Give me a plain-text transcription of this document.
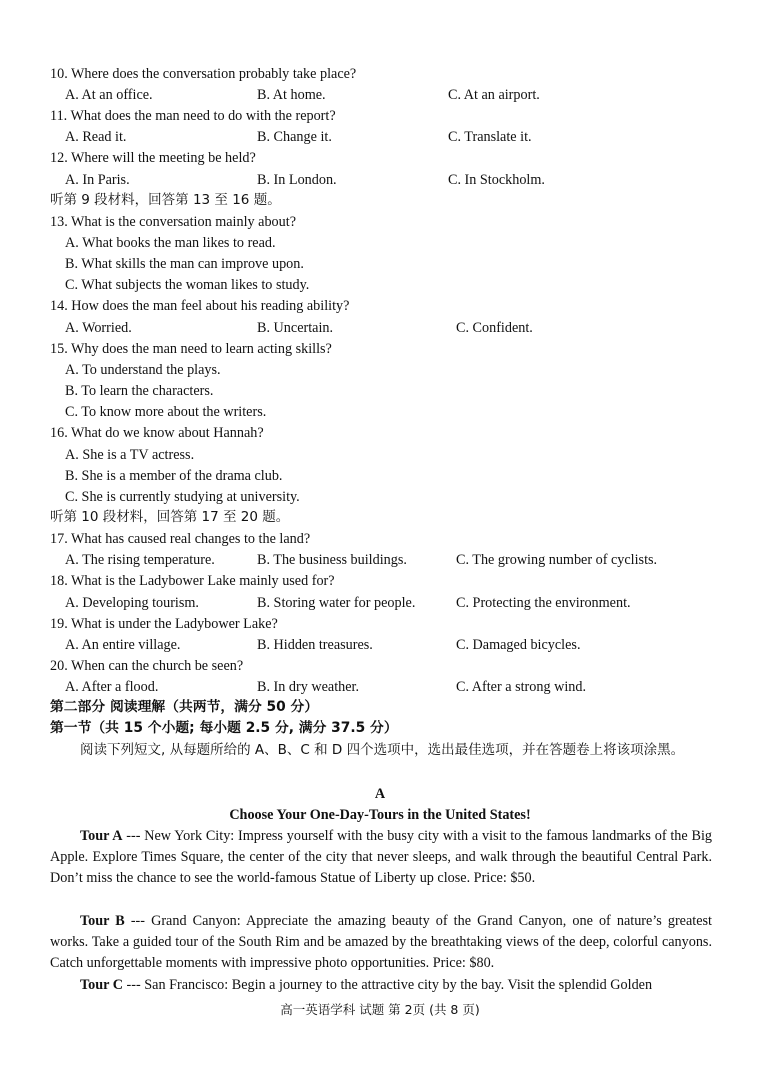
10. Where does the conversation probably take place?
A. At an office.	B. At home.	C. At an airport.
11. What does the man need to do with the report?
A. Read it.	B. Change it.	C. Translate it.
12. Where will the meeting be held?
A. In Paris.	B. In London.	C. In Stockholm.
听第 9 段材料，回答第 13 至 16 题。
13. What is the conversation mainly about?
A. What books the man likes to read.
B. What skills the man can improve upon.
C. What subjects the woman likes to study.
14. How does the man feel about his reading ability?
A. Worried.	B. Uncertain.	C. Confident.
15. Why does the man need to learn acting skills?
A. To understand the plays.
B. To learn the characters.
C. To know more about the writers.
16. What do we know about Hannah?
A. She is a TV actress.
B. She is a member of the drama club.
C. She is currently studying at university.
听第 10 段材料，回答第 17 至 20 题。
17. What has caused real changes to the land?
A. The rising temperature.	B. The business buildings.	C. The growing number of cyclists.
18. What is the Ladybower Lake mainly used for?
A. Developing tourism.	B. Storing water for people.	C. Protecting the environment.
19. What is under the Ladybower Lake?
A. An entire village.	B. Hidden treasures.	C. Damaged bicycles.
20. When can the church be seen?
A. After a flood.	B. In dry weather.	C. After a strong wind.
第二部分 阅读理解（共两节，满分 50 分）
第一节（共 15 个小题; 每小题 2.5 分, 满分 37.5 分）
阅读下列短文, 从每题所给的 A、B、C 和 D 四个选项中，选出最佳选项，并在答题卷上将该项涂黑。
A
Choose Your One-Day-Tours in the United States!
Tour A --- New York City: Impress yourself with the busy city with a visit to the famous landmarks of the Big Apple. Explore Times Square, the center of the city that never sleeps, and walk through the beautiful Central Park. Don’t miss the chance to see the world-famous Statue of Liberty up close. Price: $50.
Tour B --- Grand Canyon: Appreciate the amazing beauty of the Grand Canyon, one of nature’s greatest works. Take a guided tour of the South Rim and be amazed by the breathtaking views of the deep, colorful canyons. Catch unforgettable moments with impressive photo opportunities. Price: $80.
Tour C --- San Francisco: Begin a journey to the attractive city by the bay. Visit the splendid Golden
高一英语学科 试题 第 2页 (共 8 页)
